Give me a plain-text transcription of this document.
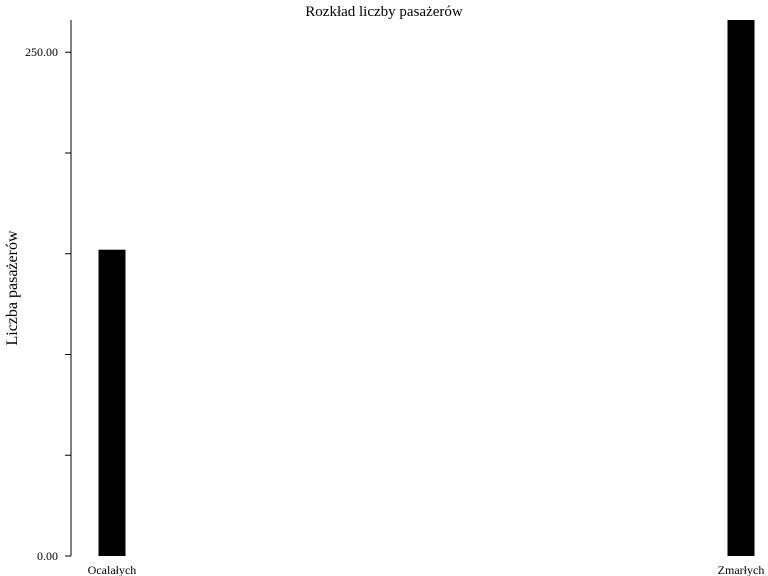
Rozkład liczby pasażerów
Liczba pasażerów
0.00
250.00
Ocalałych	Zmarłych
